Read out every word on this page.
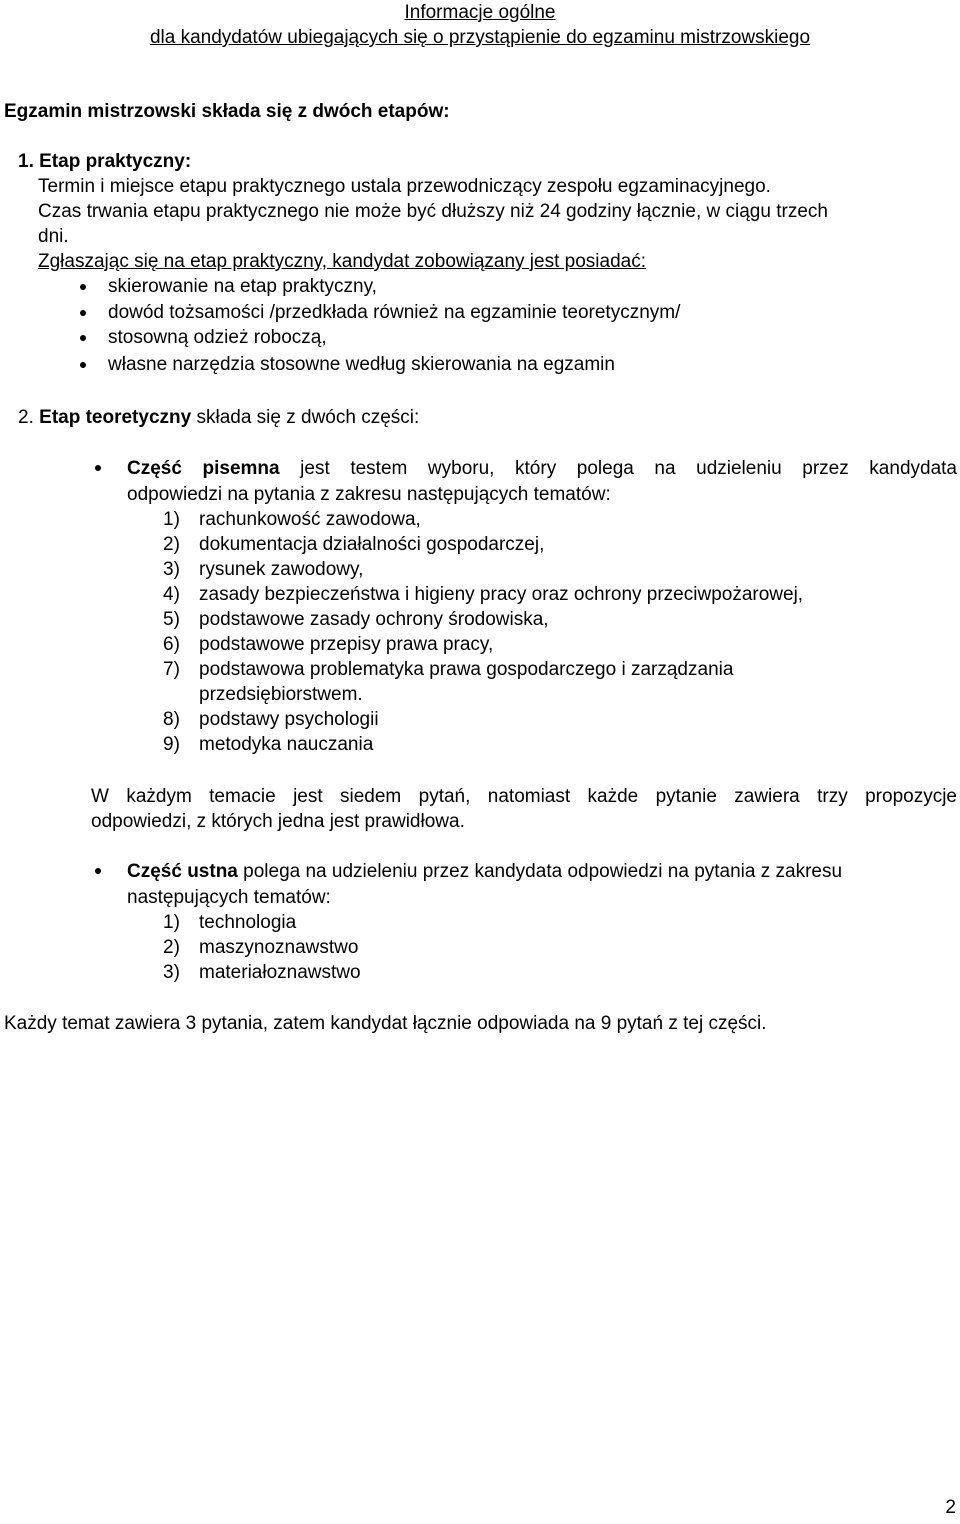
Informacje ogólne
dla kandydatów ubiegających się o przystąpienie do egzaminu mistrzowskiego
Egzamin mistrzowski składa się z dwóch etapów:
1. Etap praktyczny:
Termin i miejsce etapu praktycznego ustala przewodniczący zespołu egzaminacyjnego.
Czas trwania etapu praktycznego nie może być dłuższy niż 24 godziny łącznie, w ciągu trzech
dni.
Zgłaszając się na etap praktyczny, kandydat zobowiązany jest posiadać:
skierowanie na etap praktyczny,
dowód tożsamości /przedkłada również na egzaminie teoretycznym/
stosowną odzież roboczą,
własne narzędzia stosowne według skierowania na egzamin
2. Etap teoretyczny składa się z dwóch części:
Część pisemna jest testem wyboru, który polega na udzieleniu przez kandydata
odpowiedzi na pytania z zakresu następujących tematów:
1) rachunkowość zawodowa,
2) dokumentacja działalności gospodarczej,
3) rysunek zawodowy,
4) zasady bezpieczeństwa i higieny pracy oraz ochrony przeciwpożarowej,
5) podstawowe zasady ochrony środowiska,
6) podstawowe przepisy prawa pracy,
7) podstawowa problematyka prawa gospodarczego i zarządzania
przedsiębiorstwem.
8) podstawy psychologii
9) metodyka nauczania
W każdym temacie jest siedem pytań, natomiast każde pytanie zawiera trzy propozycje
odpowiedzi, z których jedna jest prawidłowa.
Część ustna polega na udzieleniu przez kandydata odpowiedzi na pytania z zakresu
następujących tematów:
1) technologia
2) maszynoznawstwo
3) materiałoznawstwo
Każdy temat zawiera 3 pytania, zatem kandydat łącznie odpowiada na 9 pytań z tej części.
2
